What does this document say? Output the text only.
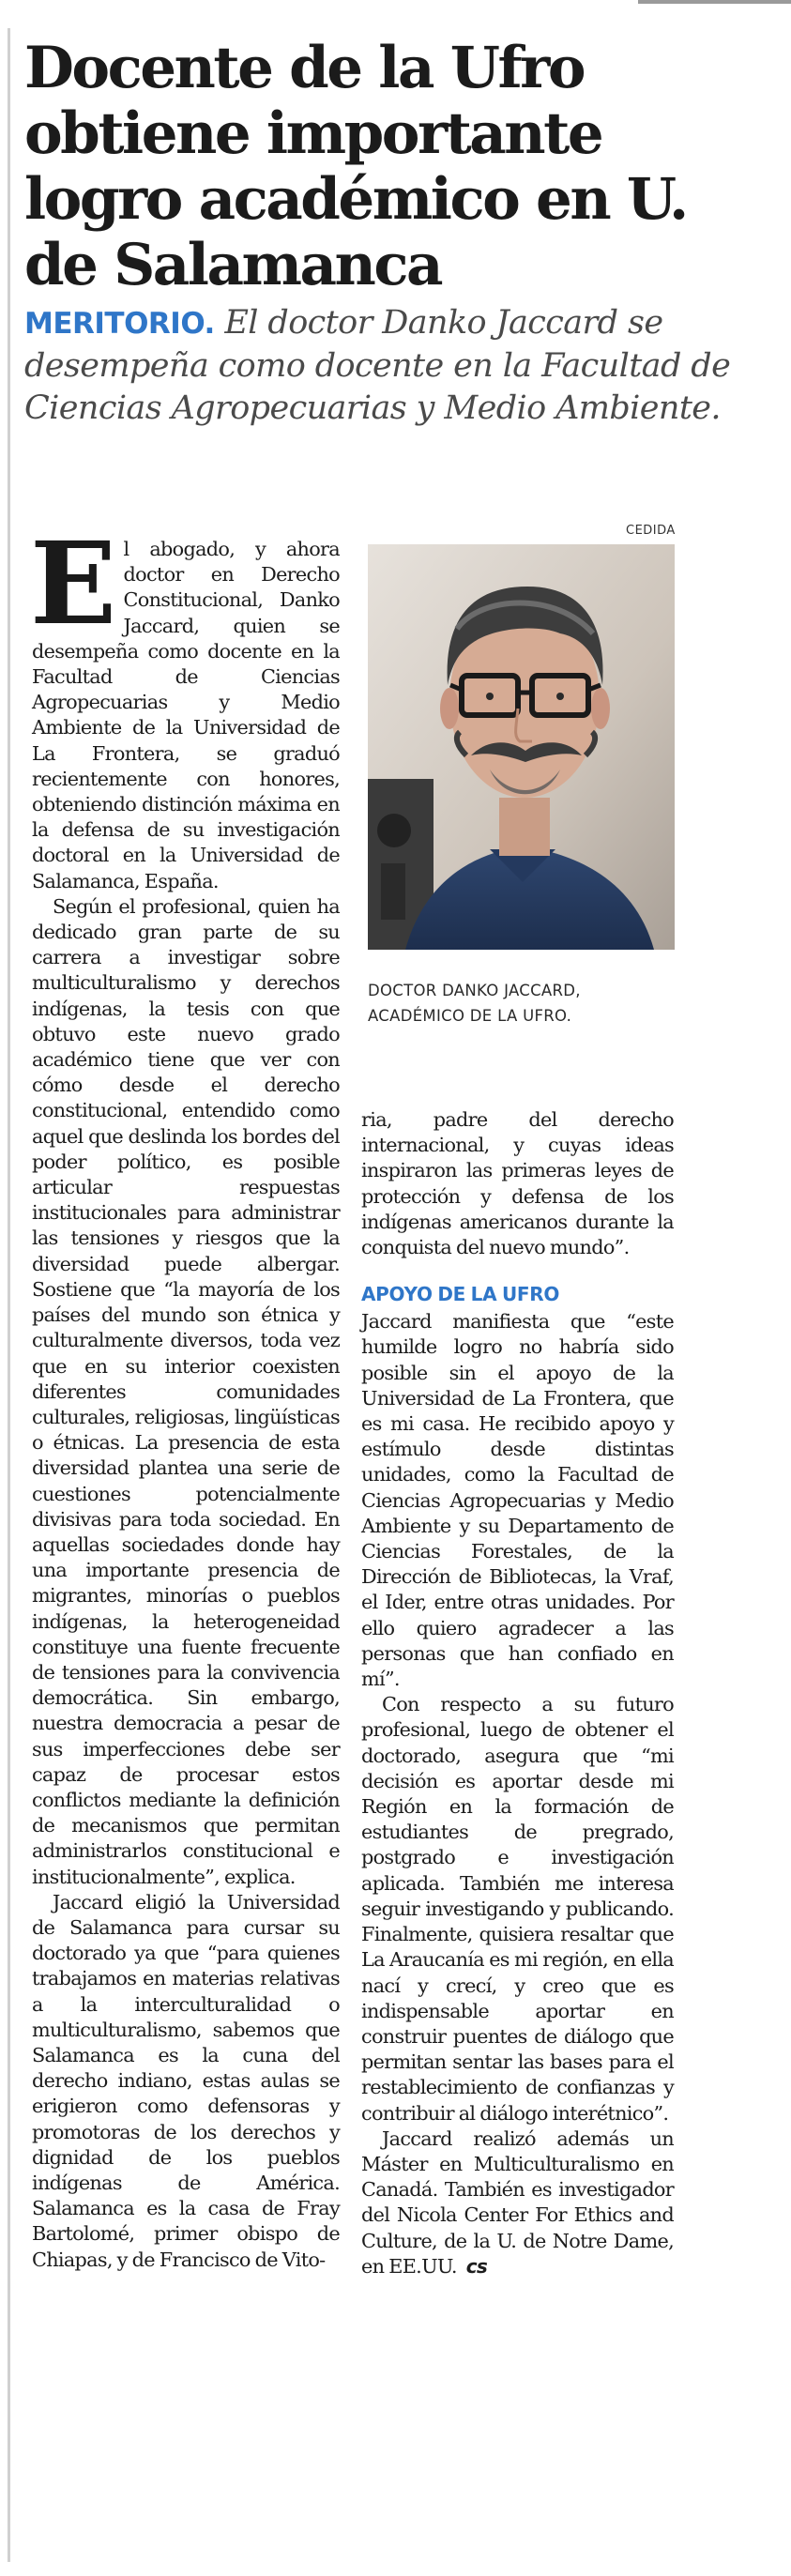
Docente de la Ufro obtiene importante logro académico en U. de Salamanca
MERITORIO. El doctor Danko Jaccard se desempeña como docente en la Facultad de Ciencias Agropecuarias y Medio Ambiente.

El abogado, y ahora doctor en Derecho Constitucional, Danko Jaccard, quien se desempeña como docente en la Facultad de Ciencias Agropecuarias y Medio Ambiente de la Universidad de La Frontera, se graduó recientemente con honores, obteniendo distinción máxima en la defensa de su investigación doctoral en la Universidad de Salamanca, España.

Según el profesional, quien ha dedicado gran parte de su carrera a investigar sobre multiculturalismo y derechos indígenas, la tesis con que obtuvo este nuevo grado académico tiene que ver con cómo desde el derecho constitucional, entendido como aquel que deslinda los bordes del poder político, es posible articular respuestas institucionales para administrar las tensiones y riesgos que la diversidad puede albergar. Sostiene que “la mayoría de los países del mundo son étnica y culturalmente diversos, toda vez que en su interior coexisten diferentes comunidades culturales, religiosas, lingüísticas o étnicas. La presencia de esta diversidad plantea una serie de cuestiones potencialmente divisivas para toda sociedad. En aquellas sociedades donde hay una importante presencia de migrantes, minorías o pueblos indígenas, la heterogeneidad constituye una fuente frecuente de tensiones para la convivencia democrática. Sin embargo, nuestra democracia a pesar de sus imperfecciones debe ser capaz de procesar estos conflictos mediante la definición de mecanismos que permitan administrarlos constitucional e institucionalmente”, explica.

Jaccard eligió la Universidad de Salamanca para cursar su doctorado ya que “para quienes trabajamos en materias relativas a la interculturalidad o multiculturalismo, sabemos que Salamanca es la cuna del derecho indiano, estas aulas se erigieron como defensoras y promotoras de los derechos y dignidad de los pueblos indígenas de América. Salamanca es la casa de Fray Bartolomé, primer obispo de Chiapas, y de Francisco de Vito-

CEDIDA
DOCTOR DANKO JACCARD, ACADÉMICO DE LA UFRO.

ria, padre del derecho internacional, y cuyas ideas inspiraron las primeras leyes de protección y defensa de los indígenas americanos durante la conquista del nuevo mundo”.

APOYO DE LA UFRO

Jaccard manifiesta que “este humilde logro no habría sido posible sin el apoyo de la Universidad de La Frontera, que es mi casa. He recibido apoyo y estímulo desde distintas unidades, como la Facultad de Ciencias Agropecuarias y Medio Ambiente y su Departamento de Ciencias Forestales, de la Dirección de Bibliotecas, la Vraf, el Ider, entre otras unidades. Por ello quiero agradecer a las personas que han confiado en mí”.

Con respecto a su futuro profesional, luego de obtener el doctorado, asegura que “mi decisión es aportar desde mi Región en la formación de estudiantes de pregrado, postgrado e investigación aplicada. También me interesa seguir investigando y publicando. Finalmente, quisiera resaltar que La Araucanía es mi región, en ella nací y crecí, y creo que es indispensable aportar en construir puentes de diálogo que permitan sentar las bases para el restablecimiento de confianzas y contribuir al diálogo interétnico”.

Jaccard realizó además un Máster en Multiculturalismo en Canadá. También es investigador del Nicola Center For Ethics and Culture, de la U. de Notre Dame, en EE.UU. cs
